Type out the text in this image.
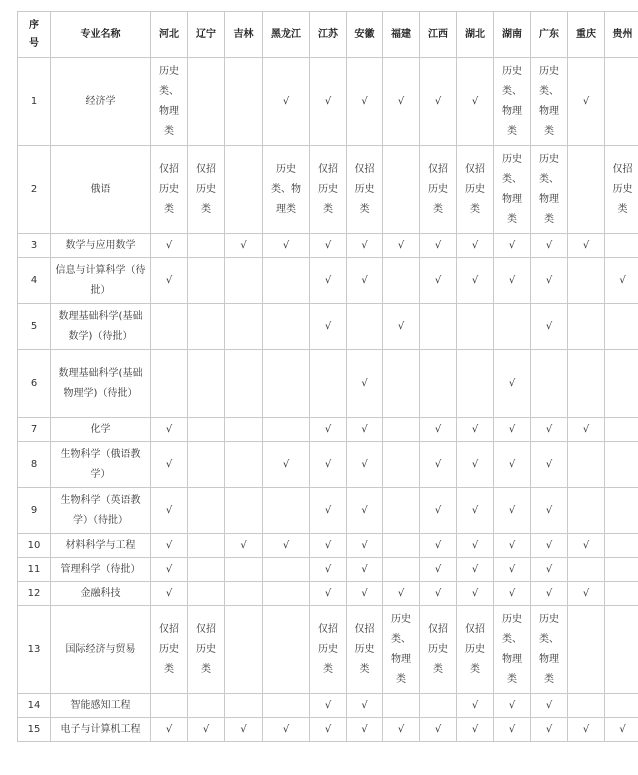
序号	专业名称	河北	辽宁	吉林	黑龙江	江苏	安徽	福建	江西	湖北	湖南	广东	重庆	贵州
1	经济学	历史类、物理类			√	√	√	√	√	√	历史类、物理类	历史类、物理类	√	
2	俄语	仅招历史类	仅招历史类		历史类、物理类	仅招历史类	仅招历史类		仅招历史类	仅招历史类	历史类、物理类	历史类、物理类		仅招历史类
3	数学与应用数学	√		√	√	√	√	√	√	√	√	√	√	
4	信息与计算科学（待批）	√				√	√		√	√	√	√		√
5	数理基础科学(基础数学)（待批）					√		√				√		
6	数理基础科学(基础物理学)（待批）						√				√			
7	化学	√				√	√		√	√	√	√	√	
8	生物科学（俄语教学）	√			√	√	√		√	√	√	√		
9	生物科学（英语教学）（待批）	√				√	√		√	√	√	√		
10	材料科学与工程	√		√	√	√	√		√	√	√	√	√	
11	管理科学（待批）	√				√	√		√	√	√	√		
12	金融科技	√				√	√	√	√	√	√	√	√	
13	国际经济与贸易	仅招历史类	仅招历史类			仅招历史类	仅招历史类	历史类、物理类	仅招历史类	仅招历史类	历史类、物理类	历史类、物理类		
14	智能感知工程					√	√			√	√	√		
15	电子与计算机工程	√	√	√	√	√	√	√	√	√	√	√	√	√
